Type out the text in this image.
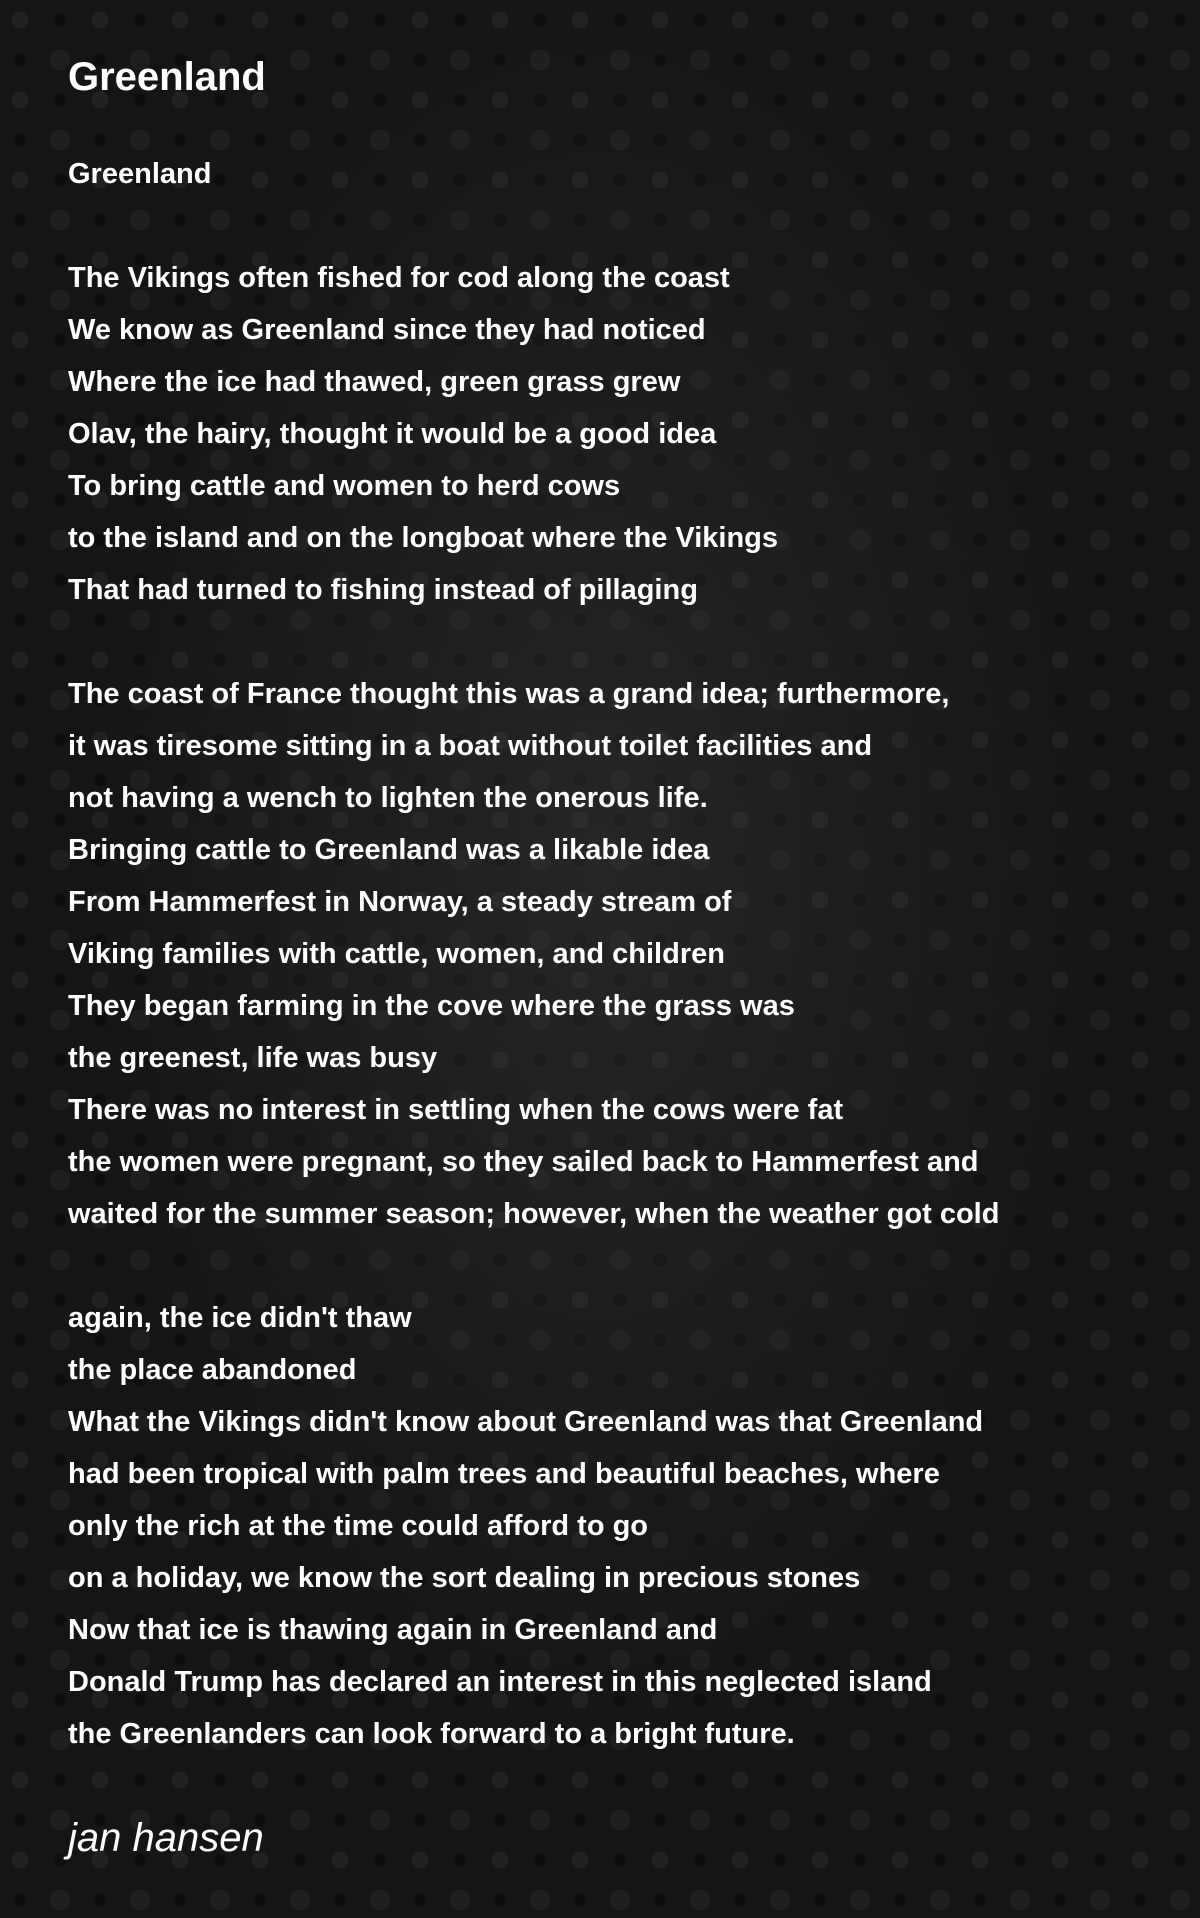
Greenland
Greenland
The Vikings often fished for cod along the coast
We know as Greenland since they had noticed
Where the ice had thawed, green grass grew
Olav, the hairy, thought it would be a good idea
To bring cattle and women to herd cows
to the island and on the longboat where the Vikings
That had turned to fishing instead of pillaging
The coast of France thought this was a grand idea; furthermore,
it was tiresome sitting in a boat without toilet facilities and
not having a wench to lighten the onerous life.
Bringing cattle to Greenland was a likable idea
From Hammerfest in Norway, a steady stream of
Viking families with cattle, women, and children
They began farming in the cove where the grass was
the greenest, life was busy
There was no interest in settling when the cows were fat
the women were pregnant, so they sailed back to Hammerfest and
waited for the summer season; however, when the weather got cold
again, the ice didn't thaw
the place abandoned
What the Vikings didn't know about Greenland was that Greenland
had been tropical with palm trees and beautiful beaches, where
only the rich at the time could afford to go
on a holiday, we know the sort dealing in precious stones
Now that ice is thawing again in Greenland and
Donald Trump has declared an interest in this neglected island
the Greenlanders can look forward to a bright future.
jan hansen
